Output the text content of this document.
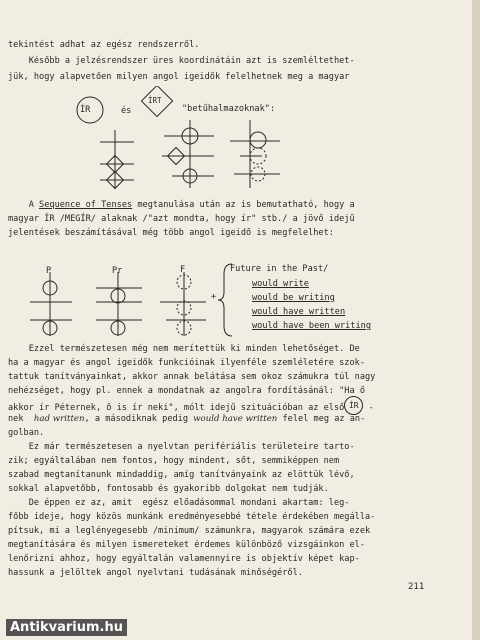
tekintést adhat az egész rendszerről.
Később a jelzésrendszer üres koordinátáin azt is szemléltethet-
jük, hogy alapvetően milyen angol igeidők felelhetnek meg a magyar
ÍR	és
ÍRT
"betűhalmazoknak":
A Sequence of Tenses megtanulása után az is bemutatható, hogy a
magyar ÍR /MEGÍR/ alaknak /"azt mondta, hogy ír" stb./ a jövő idejű
jelentések beszámításával még több angol igeidő is megfelelhet:
P	Pr	F
+
Future in the Past/
would write
would be writing
would have written
would have been writing
Ezzel természetesen még nem merítettük ki minden lehetőséget. De
ha a magyar és angol igeidők funkcióinak ilyenféle szemléletére szok-
tattuk tanítványainkat, akkor annak belátása sem okoz számukra túl nagy
nehézséget, hogy pl. ennek a mondatnak az angolra fordításánál: "Ha ő
akkor ír Péternek, ő is ír neki", mólt idejű szituációban az első ÍR -
nek had written, a másodiknak pedig would have written felel meg az an-
golban.
Ez már természetesen a nyelvtan perifériális területeire tarto-
zik; egyáltalában nem fontos, hogy mindent, sőt, semmiképpen nem
szabad megtanítanunk mindaddig, amíg tanítványaink az elöttük lévő,
sokkal alapvetőbb, fontosabb és gyakoribb dolgokat nem tudják.
De éppen ez az, amit  egész előadásommal mondani akartam: leg-
főbb ideje, hogy közös munkánk eredményesebbé tétele érdekében megálla-
pítsuk, mi a leglényegesebb /minimum/ számunkra, magyarok számára ezek
megtanítására és milyen ismereteket érdemes különböző vizsgáinkon el-
lenőrizni ahhoz, hogy egyáltalán valamennyire is objektív képet kap-
hassunk a jelöltek angol nyelvtani tudásának minőségéről.
211
Antikvarium.hu
